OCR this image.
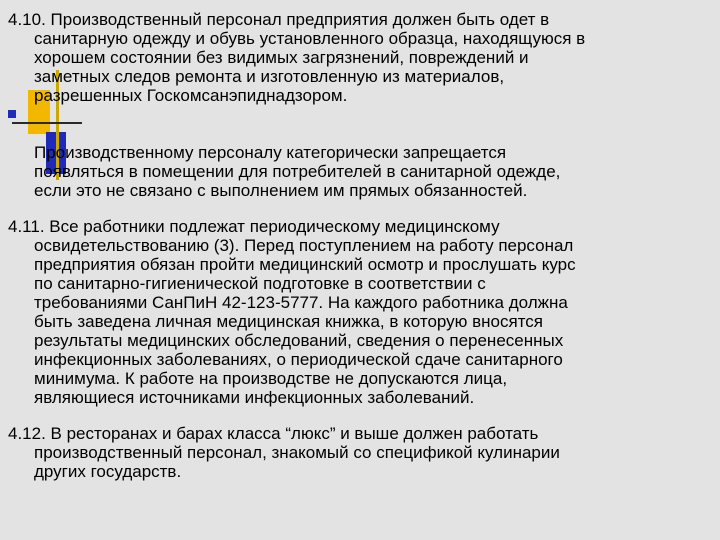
4.10. Производственный персонал предприятия должен быть одет в
санитарную одежду и обувь установленного образца, находящуюся в
хорошем состоянии без видимых загрязнений, повреждений и
заметных следов ремонта и изготовленную из материалов,
разрешенных Госкомсанэпиднадзором.

Производственному персоналу категорически запрещается
появляться в помещении для потребителей в санитарной одежде,
если это не связано с выполнением им прямых обязанностей.

4.11. Все работники подлежат периодическому медицинскому
освидетельствованию (3). Перед поступлением на работу персонал
предприятия обязан пройти медицинский осмотр и прослушать курс
по санитарно-гигиенической подготовке в соответствии с
требованиями СанПиН 42-123-5777. На каждого работника должна
быть заведена личная медицинская книжка, в которую вносятся
результаты медицинских обследований, сведения о перенесенных
инфекционных заболеваниях, о периодической сдаче санитарного
минимума. К работе на производстве не допускаются лица,
являющиеся источниками инфекционных заболеваний.

4.12. В ресторанах и барах класса “люкс” и выше должен работать
производственный персонал, знакомый со спецификой кулинарии
других государств.
